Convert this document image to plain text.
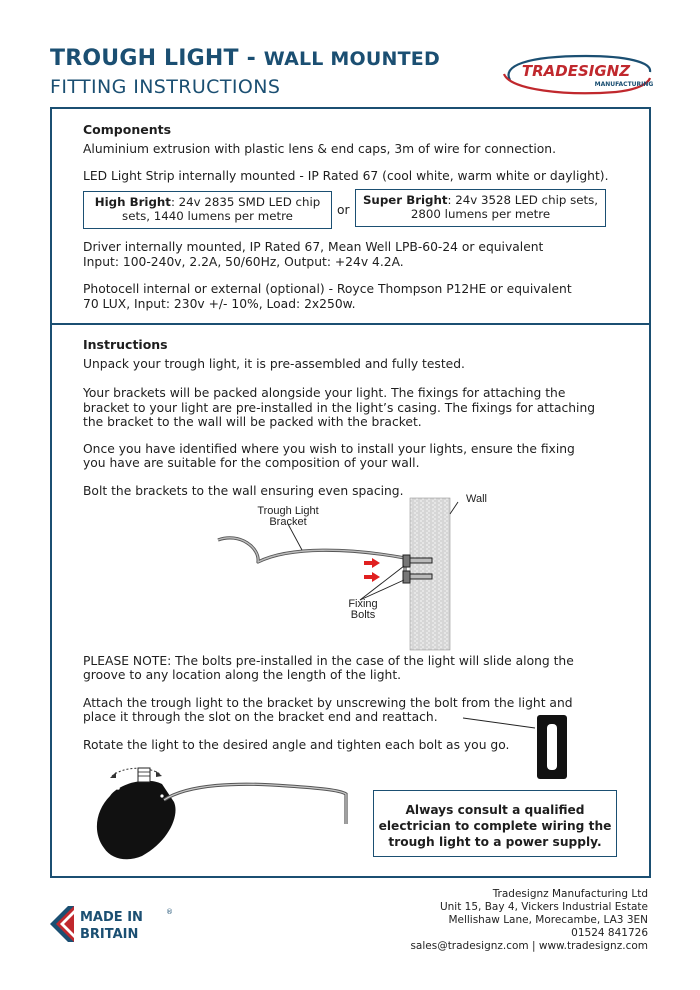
TROUGH LIGHT - WALL MOUNTED
FITTING INSTRUCTIONS
TRADESIGNZ
MANUFACTURING
Components
Aluminium extrusion with plastic lens & end caps, 3m of wire for connection.
LED Light Strip internally mounted - IP Rated 67 (cool white, warm white or daylight).
High Bright: 24v 2835 SMD LED chip
sets, 1440 lumens per metre	or
Super Bright: 24v 3528 LED chip sets,
2800 lumens per metre
Driver internally mounted, IP Rated 67, Mean Well LPB-60-24 or equivalent
Input: 100-240v, 2.2A, 50/60Hz, Output: +24v 4.2A.
Photocell internal or external (optional) - Royce Thompson P12HE or equivalent
70 LUX, Input: 230v +/- 10%, Load: 2x250w.
Instructions
Unpack your trough light, it is pre-assembled and fully tested.
Your brackets will be packed alongside your light. The fixings for attaching the
bracket to your light are pre-installed in the light’s casing. The fixings for attaching
the bracket to the wall will be packed with the bracket.
Once you have identified where you wish to install your lights, ensure the fixing
you have are suitable for the composition of your wall.
Bolt the brackets to the wall ensuring even spacing.
Wall
Trough Light
Bracket
Fixing
Bolts
PLEASE NOTE: The bolts pre-installed in the case of the light will slide along the
groove to any location along the length of the light.
Attach the trough light to the bracket by unscrewing the bolt from the light and
place it through the slot on the bracket end and reattach.
Rotate the light to the desired angle and tighten each bolt as you go.
Always consult a qualified
electrician to complete wiring the
trough light to a power supply.
MADE IN
BRITAIN
®
Tradesignz Manufacturing Ltd
Unit 15, Bay 4, Vickers Industrial Estate
Mellishaw Lane, Morecambe, LA3 3EN
01524 841726
sales@tradesignz.com | www.tradesignz.com
